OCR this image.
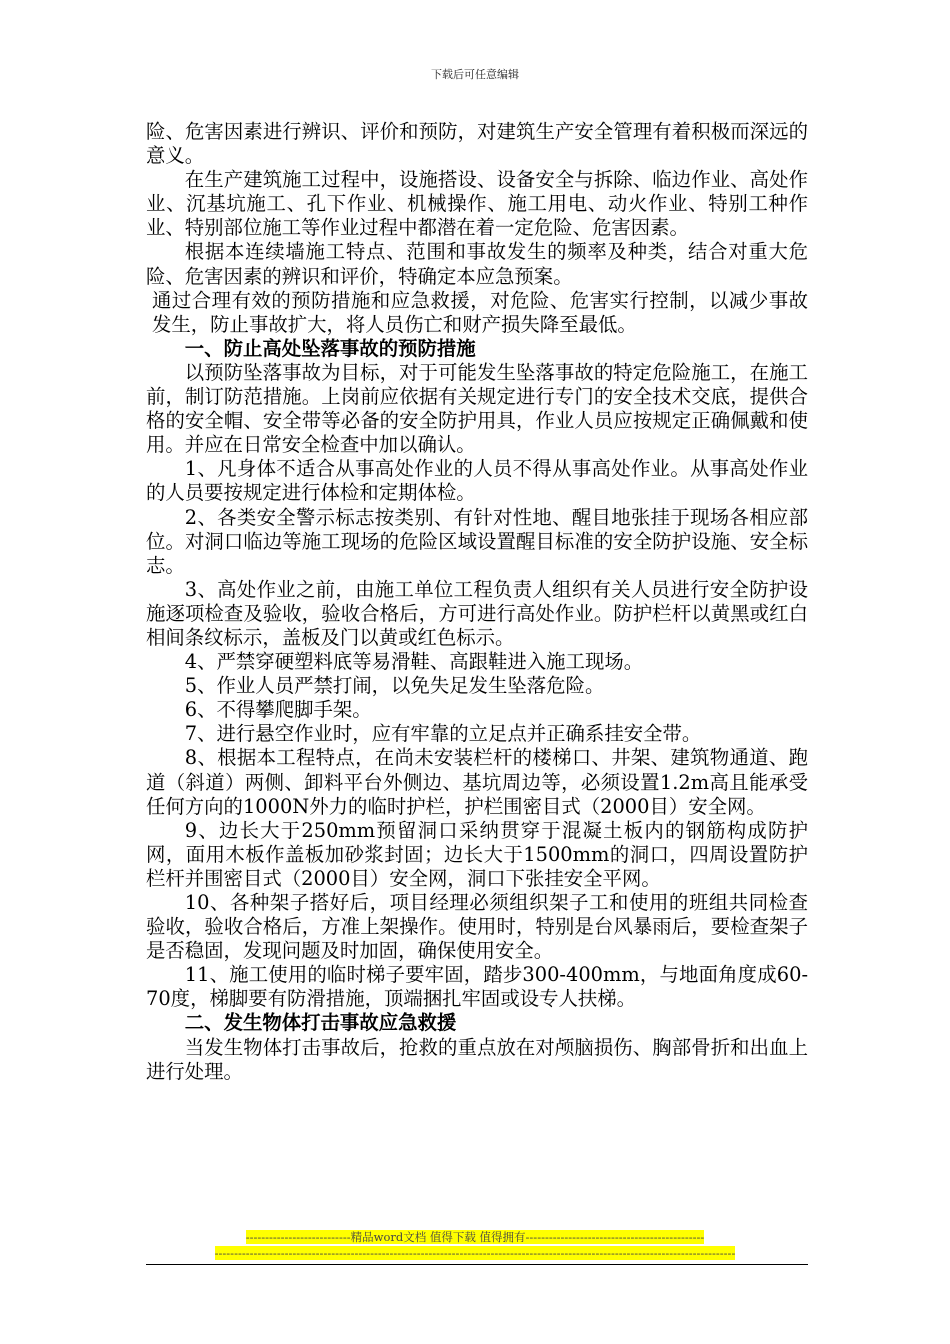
下载后可任意编辑

险、危害因素进行辨识、评价和预防，对建筑生产安全管理有着积极而深远的意义。

在生产建筑施工过程中，设施搭设、设备安全与拆除、临边作业、高处作业、沉基坑施工、孔下作业、机械操作、施工用电、动火作业、特别工种作业、特别部位施工等作业过程中都潜在着一定危险、危害因素。

根据本连续墙施工特点、范围和事故发生的频率及种类，结合对重大危险、危害因素的辨识和评价，特确定本应急预案。

通过合理有效的预防措施和应急救援，对危险、危害实行控制，以减少事故发生，防止事故扩大，将人员伤亡和财产损失降至最低。

一、防止高处坠落事故的预防措施

以预防坠落事故为目标，对于可能发生坠落事故的特定危险施工，在施工前，制订防范措施。上岗前应依据有关规定进行专门的安全技术交底，提供合格的安全帽、安全带等必备的安全防护用具，作业人员应按规定正确佩戴和使用。并应在日常安全检查中加以确认。

1、凡身体不适合从事高处作业的人员不得从事高处作业。从事高处作业的人员要按规定进行体检和定期体检。

2、各类安全警示标志按类别、有针对性地、醒目地张挂于现场各相应部位。对洞口临边等施工现场的危险区域设置醒目标准的安全防护设施、安全标志。

3、高处作业之前，由施工单位工程负责人组织有关人员进行安全防护设施逐项检查及验收，验收合格后，方可进行高处作业。防护栏杆以黄黑或红白相间条纹标示，盖板及门以黄或红色标示。

4、严禁穿硬塑料底等易滑鞋、高跟鞋进入施工现场。

5、作业人员严禁打闹，以免失足发生坠落危险。

6、不得攀爬脚手架。

7、进行悬空作业时，应有牢靠的立足点并正确系挂安全带。

8、根据本工程特点，在尚未安装栏杆的楼梯口、井架、建筑物通道、跑道（斜道）两侧、卸料平台外侧边、基坑周边等，必须设置1.2m高且能承受任何方向的1000N外力的临时护栏，护栏围密目式（2000目）安全网。

9、边长大于250mm预留洞口采纳贯穿于混凝土板内的钢筋构成防护网，面用木板作盖板加砂浆封固；边长大于1500mm的洞口，四周设置防护栏杆并围密目式（2000目）安全网，洞口下张挂安全平网。

10、各种架子搭好后，项目经理必须组织架子工和使用的班组共同检查验收，验收合格后，方准上架操作。使用时，特别是台风暴雨后，要检查架子是否稳固，发现问题及时加固，确保使用安全。

11、施工使用的临时梯子要牢固，踏步300-400mm，与地面角度成60-70度，梯脚要有防滑措施，顶端捆扎牢固或设专人扶梯。

二、发生物体打击事故应急救援

当发生物体打击事故后，抢救的重点放在对颅脑损伤、胸部骨折和出血上进行处理。

---------------------------精品word文档 值得下载 值得拥有----------------------------------------------
--------------------------------------------------------------------------------------------------------------------------------------
